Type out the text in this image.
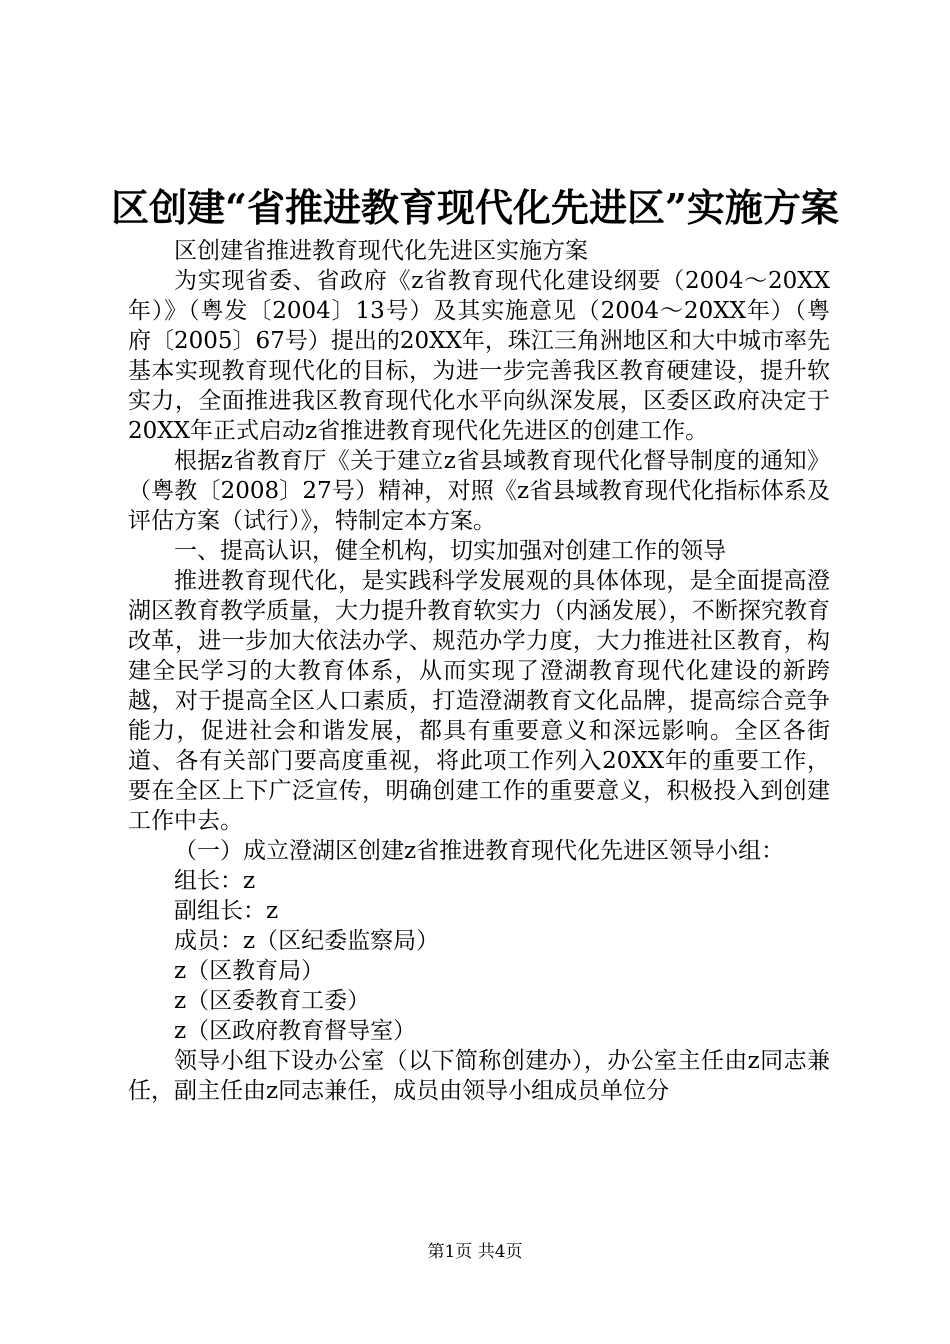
区创建“省推进教育现代化先进区”实施方案

区创建省推进教育现代化先进区实施方案

为实现省委、省政府《z省教育现代化建设纲要（2004～20XX年）》（粤发〔2004〕13号）及其实施意见（2004～20XX年）（粤府〔2005〕67号）提出的20XX年，珠江三角洲地区和大中城市率先基本实现教育现代化的目标，为进一步完善我区教育硬建设，提升软实力，全面推进我区教育现代化水平向纵深发展，区委区政府决定于20XX年正式启动z省推进教育现代化先进区的创建工作。

根据z省教育厅《关于建立z省县域教育现代化督导制度的通知》（粤教〔2008〕27号）精神，对照《z省县域教育现代化指标体系及评估方案（试行）》，特制定本方案。

一、提高认识，健全机构，切实加强对创建工作的领导

推进教育现代化，是实践科学发展观的具体体现，是全面提高澄湖区教育教学质量，大力提升教育软实力（内涵发展），不断探究教育改革，进一步加大依法办学、规范办学力度，大力推进社区教育，构建全民学习的大教育体系，从而实现了澄湖教育现代化建设的新跨越，对于提高全区人口素质，打造澄湖教育文化品牌，提高综合竞争能力，促进社会和谐发展，都具有重要意义和深远影响。全区各街道、各有关部门要高度重视，将此项工作列入20XX年的重要工作，要在全区上下广泛宣传，明确创建工作的重要意义，积极投入到创建工作中去。

（一）成立澄湖区创建z省推进教育现代化先进区领导小组：

组长：z

副组长：z

成员：z（区纪委监察局）

z（区教育局）

z（区委教育工委）

z（区政府教育督导室）

领导小组下设办公室（以下简称创建办），办公室主任由z同志兼任，副主任由z同志兼任，成员由领导小组成员单位分

第1页 共4页
